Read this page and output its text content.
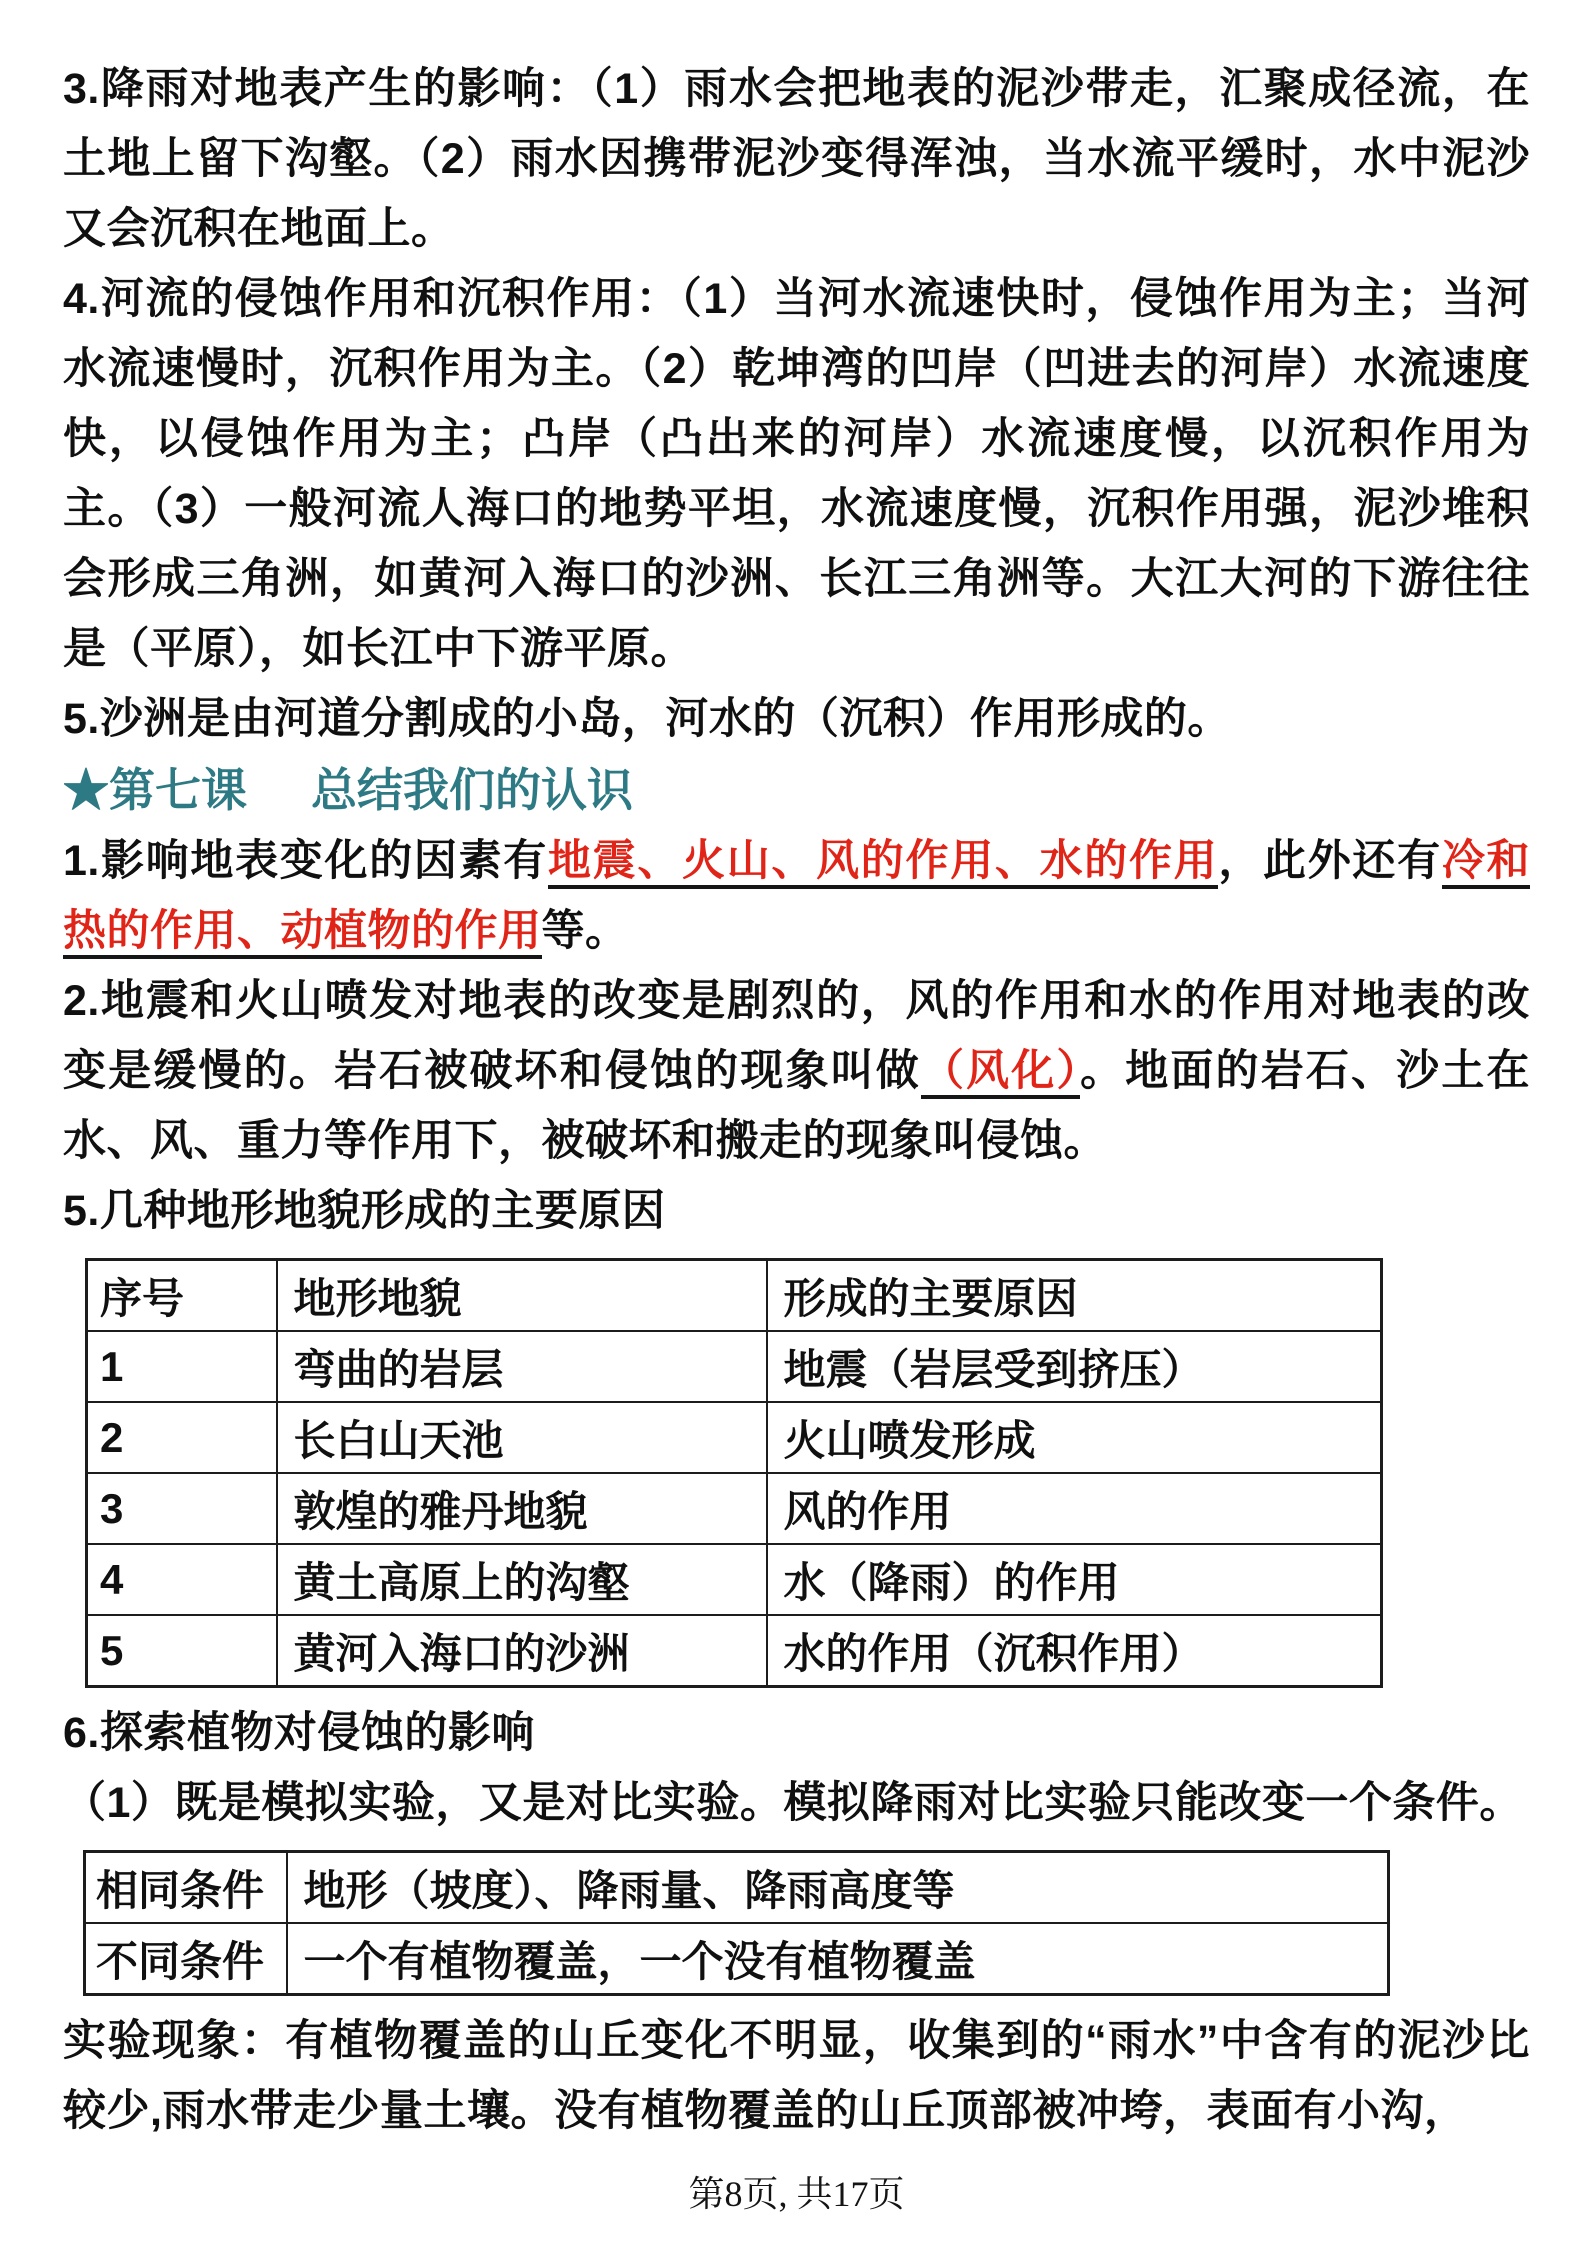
3.降雨对地表产生的影响：（1）雨水会把地表的泥沙带走，汇聚成径流，在土地上留下沟壑。（2）雨水因携带泥沙变得浑浊，当水流平缓时，水中泥沙又会沉积在地面上。

4.河流的侵蚀作用和沉积作用：（1）当河水流速快时，侵蚀作用为主；当河水流速慢时，沉积作用为主。（2）乾坤湾的凹岸（凹进去的河岸）水流速度快，以侵蚀作用为主；凸岸（凸出来的河岸）水流速度慢，以沉积作用为主。（3）一般河流人海口的地势平坦，水流速度慢，沉积作用强，泥沙堆积会形成三角洲，如黄河入海口的沙洲、长江三角洲等。大江大河的下游往往是（平原），如长江中下游平原。

5.沙洲是由河道分割成的小岛，河水的（沉积）作用形成的。

★第七课 总结我们的认识

1.影响地表变化的因素有地震、火山、风的作用、水的作用，此外还有冷和热的作用、动植物的作用等。

2.地震和火山喷发对地表的改变是剧烈的，风的作用和水的作用对地表的改变是缓慢的。岩石被破坏和侵蚀的现象叫做（风化）。地面的岩石、沙土在水、风、重力等作用下，被破坏和搬走的现象叫侵蚀。

5.几种地形地貌形成的主要原因

序号	地形地貌	形成的主要原因
1	弯曲的岩层	地震（岩层受到挤压）
2	长白山天池	火山喷发形成
3	敦煌的雅丹地貌	风的作用
4	黄土高原上的沟壑	水（降雨）的作用
5	黄河入海口的沙洲	水的作用（沉积作用）

6.探索植物对侵蚀的影响

（1）既是模拟实验，又是对比实验。模拟降雨对比实验只能改变一个条件。

相同条件	地形（坡度）、降雨量、降雨高度等
不同条件	一个有植物覆盖，一个没有植物覆盖

实验现象：有植物覆盖的山丘变化不明显，收集到的“雨水”中含有的泥沙比较少,雨水带走少量土壤。没有植物覆盖的山丘顶部被冲垮，表面有小沟，

第8页, 共17页
